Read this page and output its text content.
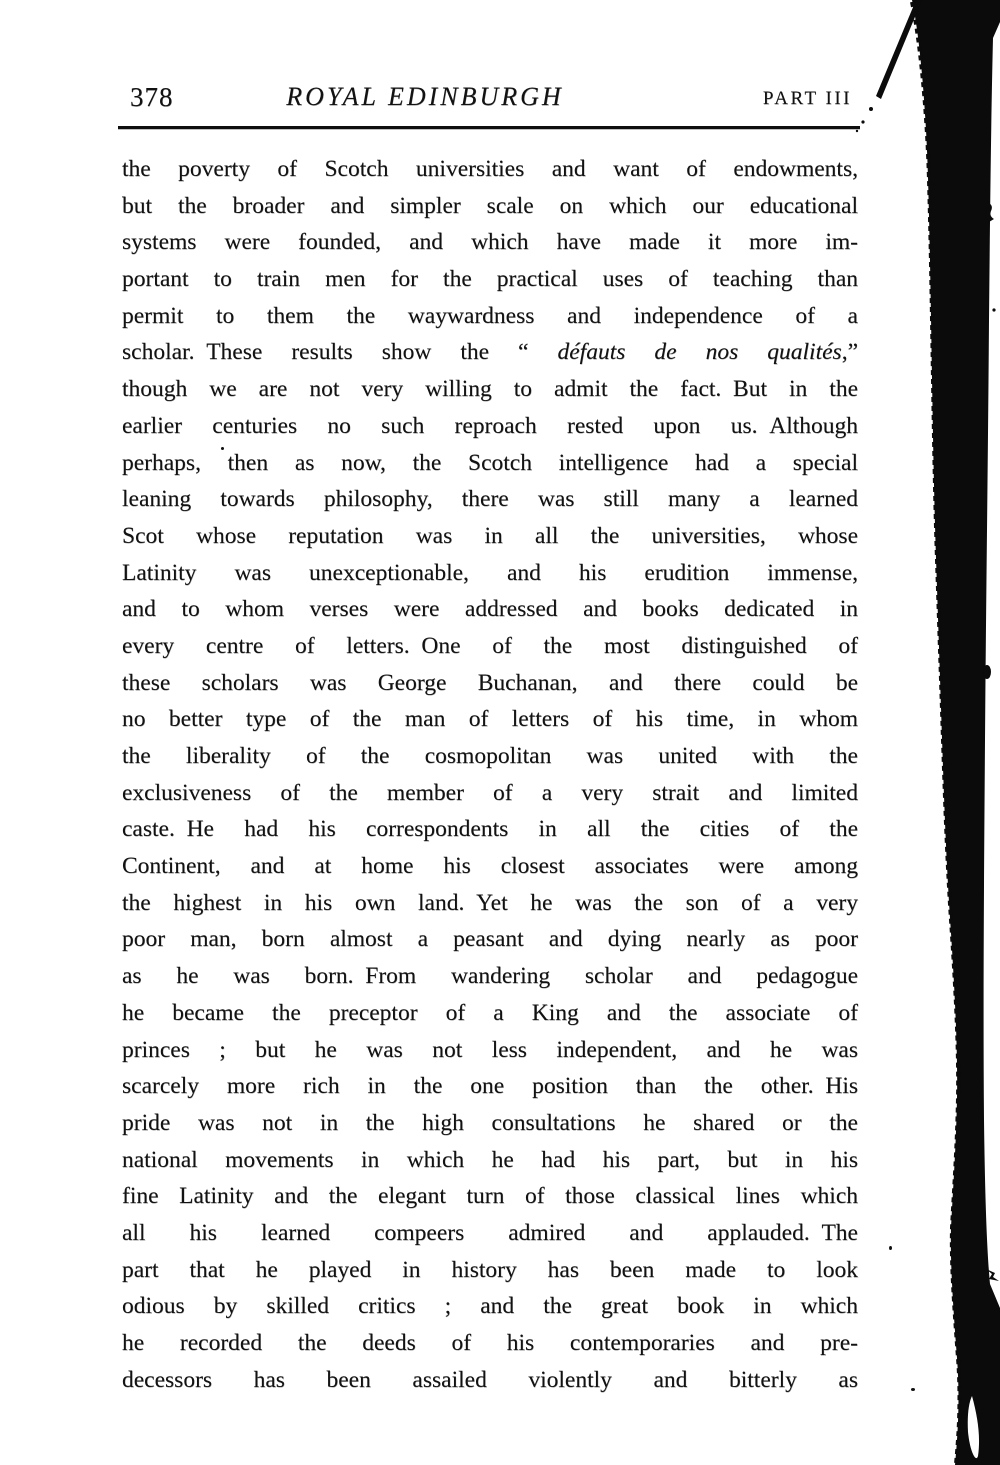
378	ROYAL EDINBURGH	PART III
the poverty of Scotch universities and want of endowments,
but the broader and simpler scale on which our educational
systems were founded, and which have made it more im-
portant to train men for the practical uses of teaching than
permit to them the waywardness and independence of a
scholar. These results show the “ défauts de nos qualités,”
though we are not very willing to admit the fact. But in the
earlier centuries no such reproach rested upon us. Although
perhaps, then as now, the Scotch intelligence had a special
leaning towards philosophy, there was still many a learned
Scot whose reputation was in all the universities, whose
Latinity was unexceptionable, and his erudition immense,
and to whom verses were addressed and books dedicated in
every centre of letters. One of the most distinguished of
these scholars was George Buchanan, and there could be
no better type of the man of letters of his time, in whom
the liberality of the cosmopolitan was united with the
exclusiveness of the member of a very strait and limited
caste. He had his correspondents in all the cities of the
Continent, and at home his closest associates were among
the highest in his own land. Yet he was the son of a very
poor man, born almost a peasant and dying nearly as poor
as he was born. From wandering scholar and pedagogue
he became the preceptor of a King and the associate of
princes ; but he was not less independent, and he was
scarcely more rich in the one position than the other. His
pride was not in the high consultations he shared or the
national movements in which he had his part, but in his
fine Latinity and the elegant turn of those classical lines which
all his learned compeers admired and applauded. The
part that he played in history has been made to look
odious by skilled critics ; and the great book in which
he recorded the deeds of his contemporaries and pre-
decessors has been assailed violently and bitterly as
